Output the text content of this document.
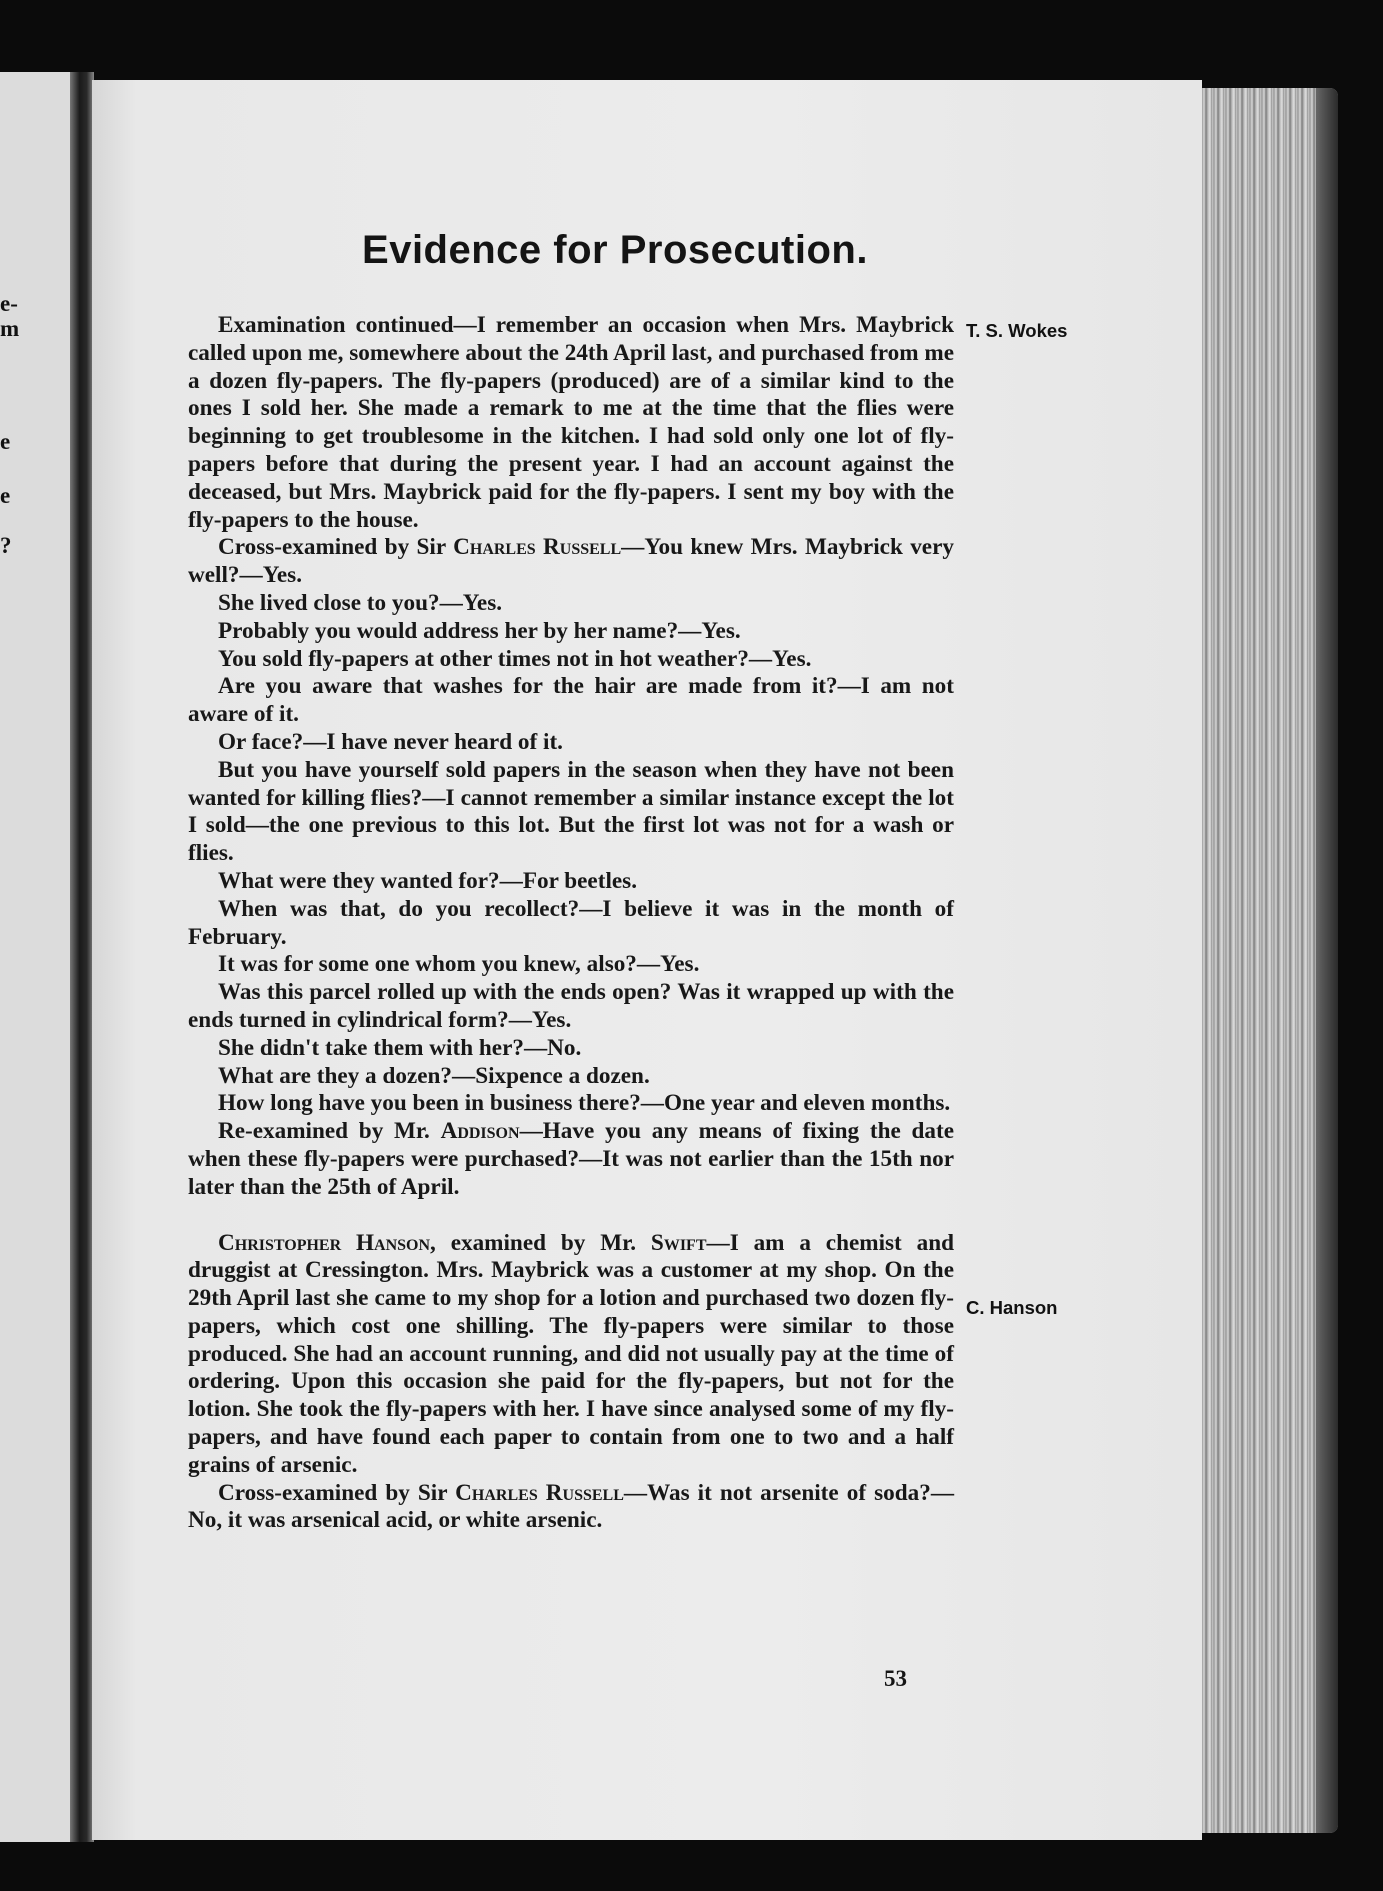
e-
m
e
e
?
Evidence for Prosecution.
T. S. Wokes
C. Hanson

Examination continued—I remember an occasion when Mrs. Maybrick called upon me, somewhere about the 24th April last, and purchased from me a dozen fly-papers. The fly-papers (produced) are of a similar kind to the ones I sold her. She made a remark to me at the time that the flies were beginning to get troublesome in the kitchen. I had sold only one lot of fly-papers before that during the present year. I had an account against the deceased, but Mrs. Maybrick paid for the fly-papers. I sent my boy with the fly-papers to the house.

Cross-examined by Sir Charles Russell—You knew Mrs. Maybrick very well?—Yes.

She lived close to you?—Yes.

Probably you would address her by her name?—Yes.

You sold fly-papers at other times not in hot weather?—Yes.

Are you aware that washes for the hair are made from it?—I am not aware of it.

Or face?—I have never heard of it.

But you have yourself sold papers in the season when they have not been wanted for killing flies?—I cannot remember a similar instance except the lot I sold—the one previous to this lot. But the first lot was not for a wash or flies.

What were they wanted for?—For beetles.

When was that, do you recollect?—I believe it was in the month of February.

It was for some one whom you knew, also?—Yes.

Was this parcel rolled up with the ends open? Was it wrapped up with the ends turned in cylindrical form?—Yes.

She didn't take them with her?—No.

What are they a dozen?—Sixpence a dozen.

How long have you been in business there?—One year and eleven months.

Re-examined by Mr. Addison—Have you any means of fixing the date when these fly-papers were purchased?—It was not earlier than the 15th nor later than the 25th of April.

Christopher Hanson, examined by Mr. Swift—I am a chemist and druggist at Cressington. Mrs. Maybrick was a customer at my shop. On the 29th April last she came to my shop for a lotion and purchased two dozen fly-papers, which cost one shilling. The fly-papers were similar to those produced. She had an account running, and did not usually pay at the time of ordering. Upon this occasion she paid for the fly-papers, but not for the lotion. She took the fly-papers with her. I have since analysed some of my fly-papers, and have found each paper to contain from one to two and a half grains of arsenic.

Cross-examined by Sir Charles Russell—Was it not arsenite of soda?—No, it was arsenical acid, or white arsenic.

53
